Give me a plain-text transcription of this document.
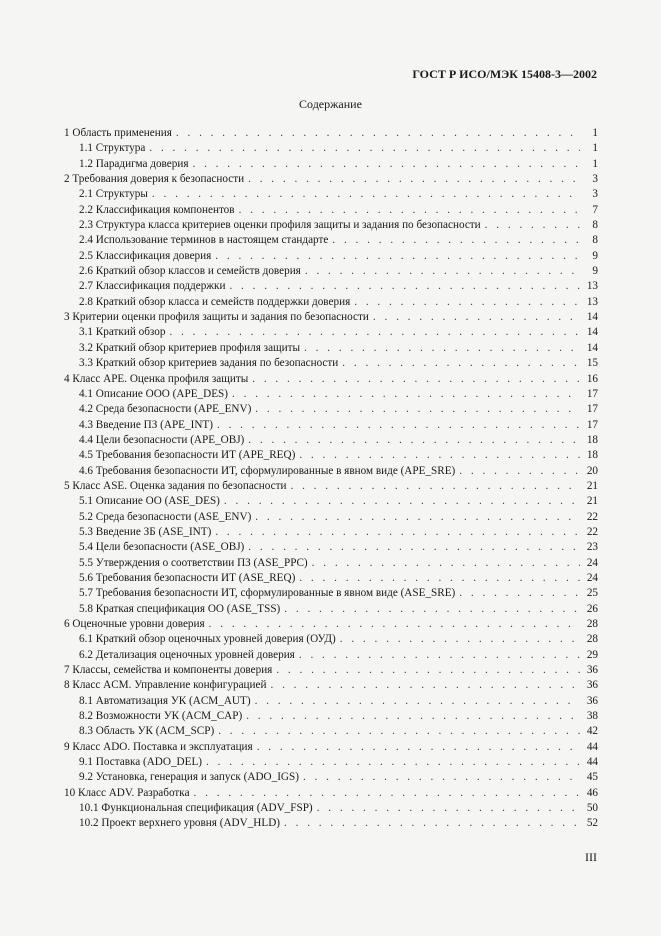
ГОСТ Р ИСО/МЭК 15408-3—2002
Содержание
1 Область применения . . .	1
1.1 Структура . . .	1
1.2 Парадигма доверия . . .	1
2 Требования доверия к безопасности . . .	3
2.1 Структуры . . .	3
2.2 Классификация компонентов . . .	7
2.3 Структура класса критериев оценки профиля защиты и задания по безопасности . . .	8
2.4 Использование терминов в настоящем стандарте . . .	8
2.5 Классификация доверия . . .	9
2.6 Краткий обзор классов и семейств доверия . . .	9
2.7 Классификация поддержки . . .	13
2.8 Краткий обзор класса и семейств поддержки доверия . . .	13
3 Критерии оценки профиля защиты и задания по безопасности . . .	14
3.1 Краткий обзор . . .	14
3.2 Краткий обзор критериев профиля защиты . . .	14
3.3 Краткий обзор критериев задания по безопасности . . .	15
4 Класс APE. Оценка профиля защиты . . .	16
4.1 Описание ООО (APE_DES) . . .	17
4.2 Среда безопасности (APE_ENV) . . .	17
4.3 Введение ПЗ (APE_INT) . . .	17
4.4 Цели безопасности (APE_OBJ) . . .	18
4.5 Требования безопасности ИТ (APE_REQ) . . .	18
4.6 Требования безопасности ИТ, сформулированные в явном виде (APE_SRE) . . .	20
5 Класс ASE. Оценка задания по безопасности . . .	21
5.1 Описание ОО (ASE_DES) . . .	21
5.2 Среда безопасности (ASE_ENV) . . .	22
5.3 Введение ЗБ (ASE_INT) . . .	22
5.4 Цели безопасности (ASE_OBJ) . . .	23
5.5 Утверждения о соответствии ПЗ (ASE_PPC) . . .	24
5.6 Требования безопасности ИТ (ASE_REQ) . . .	24
5.7 Требования безопасности ИТ, сформулированные в явном виде (ASE_SRE) . . .	25
5.8 Краткая спецификация ОО (ASE_TSS) . . .	26
6 Оценочные уровни доверия . . .	28
6.1 Краткий обзор оценочных уровней доверия (ОУД) . . .	28
6.2 Детализация оценочных уровней доверия . . .	29
7 Классы, семейства и компоненты доверия . . .	36
8 Класс ACM. Управление конфигурацией . . .	36
8.1 Автоматизация УК (ACM_AUT) . . .	36
8.2 Возможности УК (ACM_CAP) . . .	38
8.3 Область УК (ACM_SCP) . . .	42
9 Класс ADO. Поставка и эксплуатация . . .	44
9.1 Поставка (ADO_DEL) . . .	44
9.2 Установка, генерация и запуск (ADO_IGS) . . .	45
10 Класс ADV. Разработка . . .	46
10.1 Функциональная спецификация (ADV_FSP) . . .	50
10.2 Проект верхнего уровня (ADV_HLD) . . .	52
III
